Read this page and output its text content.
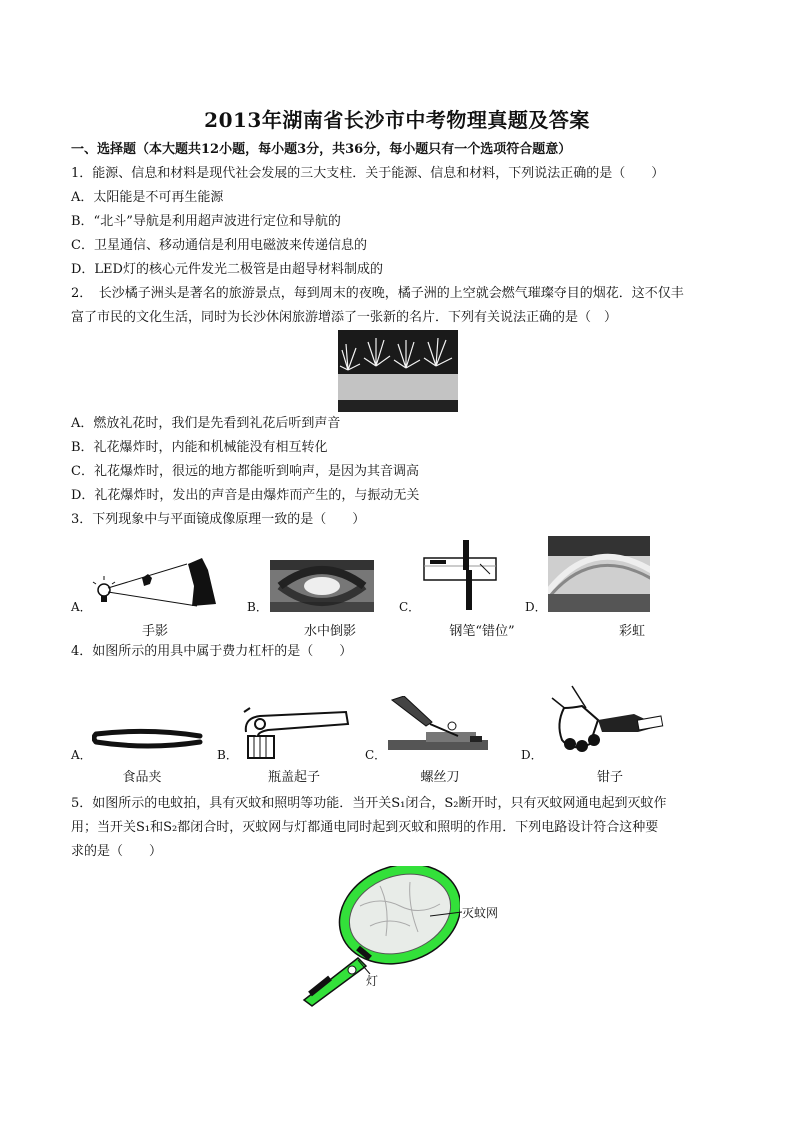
2013年湖南省长沙市中考物理真题及答案
一、选择题（本大题共12小题，每小题3分，共36分，每小题只有一个选项符合题意）
1．能源、信息和材料是现代社会发展的三大支柱．关于能源、信息和材料，下列说法正确的是（　　）
A．太阳能是不可再生能源
B．“北斗”导航是利用超声波进行定位和导航的
C．卫星通信、移动通信是利用电磁波来传递信息的
D．LED灯的核心元件发光二极管是由超导材料制成的
2．　长沙橘子洲头是著名的旅游景点，每到周末的夜晚，橘子洲的上空就会燃气璀璨夺目的烟花．这不仅丰
富了市民的文化生活，同时为长沙休闲旅游增添了一张新的名片．下列有关说法正确的是（　）
A．燃放礼花时，我们是先看到礼花后听到声音
B．礼花爆炸时，内能和机械能没有相互转化
C．礼花爆炸时，很远的地方都能听到响声，是因为其音调高
D．礼花爆炸时，发出的声音是由爆炸而产生的，与振动无关
3．下列现象中与平面镜成像原理一致的是（　　）
A．	B．	C．	D．
手影	水中倒影	钢笔“错位”	彩虹
4．如图所示的用具中属于费力杠杆的是（　　）
A．	B．	C．	D．
食品夹	瓶盖起子	螺丝刀	钳子
5．如图所示的电蚊拍，具有灭蚊和照明等功能．当开关S₁闭合，S₂断开时，只有灭蚊网通电起到灭蚊作
用；当开关S₁和S₂都闭合时，灭蚊网与灯都通电同时起到灭蚊和照明的作用．下列电路设计符合这种要
求的是（　　）
灭蚊网
灯
